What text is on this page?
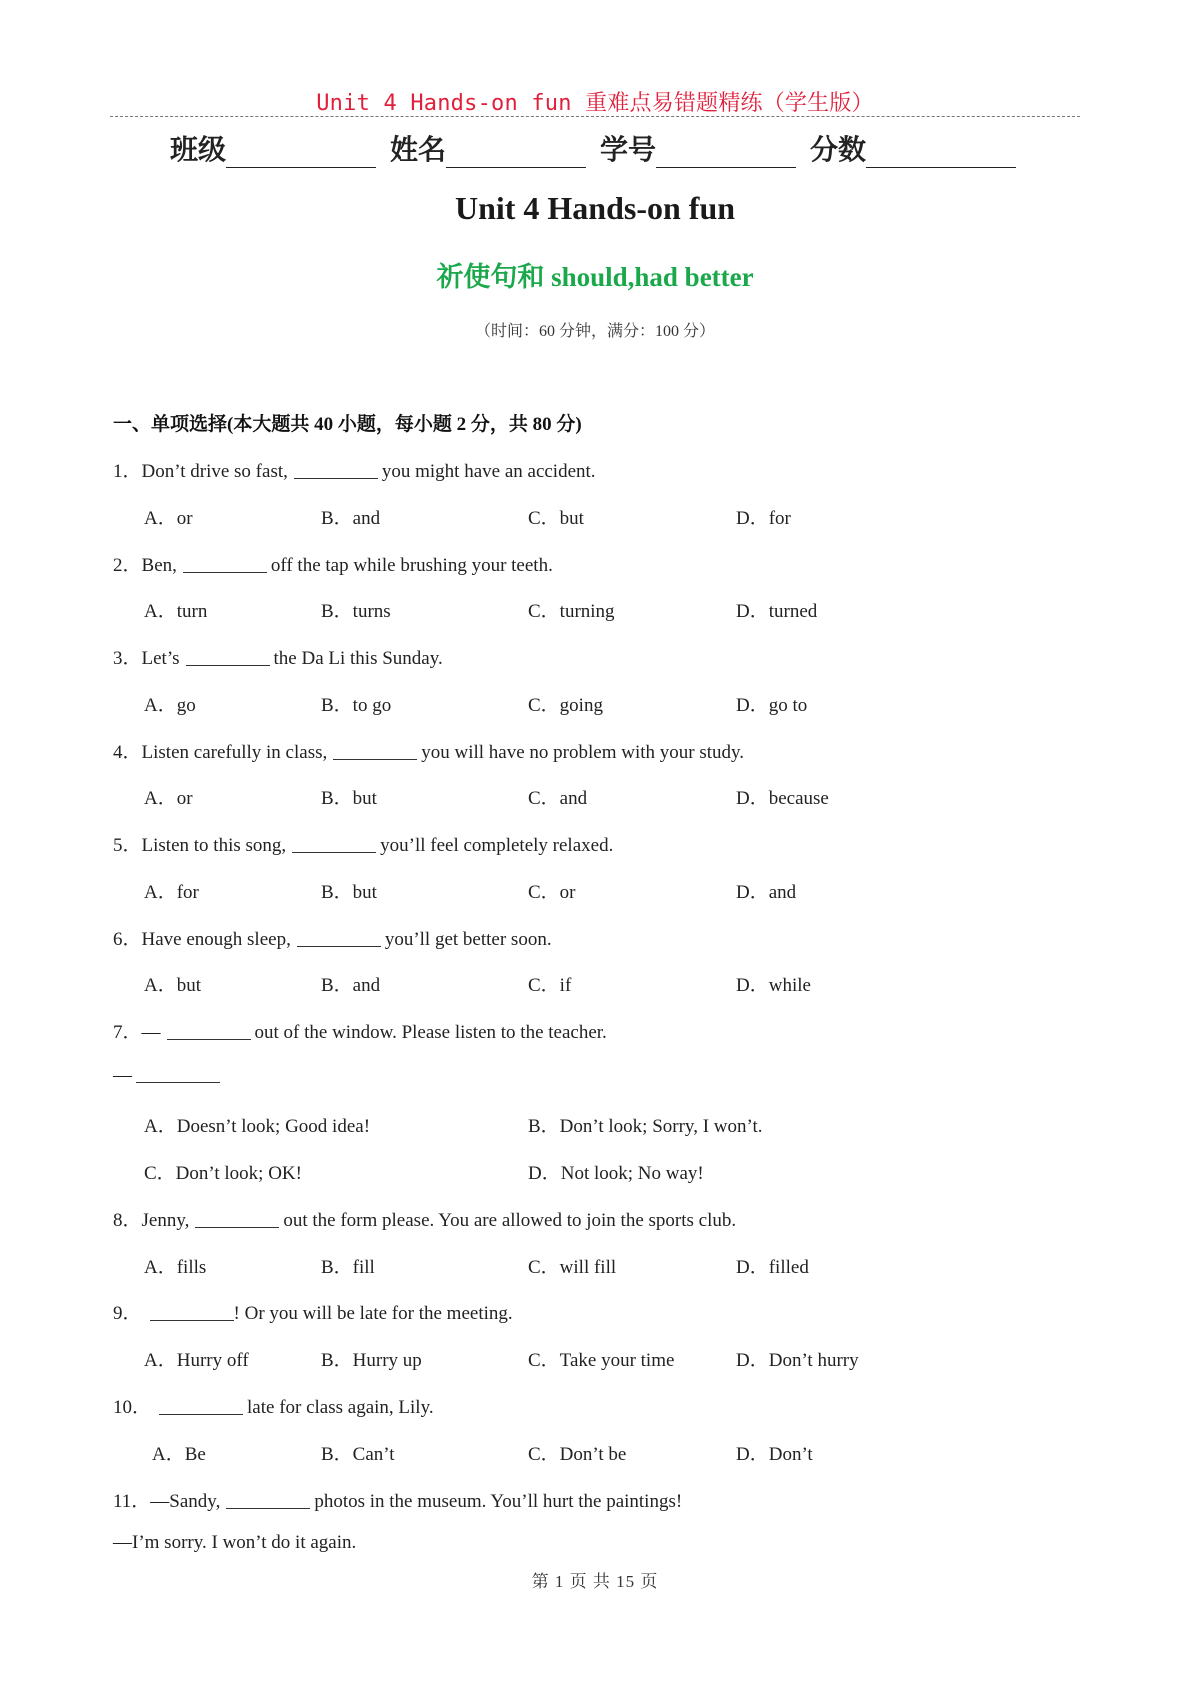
Unit 4 Hands-on fun 重难点易错题精练（学生版）
班级	姓名	学号	分数
Unit 4 Hands-on fun
祈使句和 should,had better
（时间：60 分钟，满分：100 分）
一、单项选择(本大题共 40 小题，每小题 2 分，共 80 分)
1．Don’t drive so fast,	you might have an accident.
A．or	B．and	C．but	D．for
2．Ben,	off the tap while brushing your teeth.
A．turn	B．turns	C．turning	D．turned
3．Let’s	the Da Li this Sunday.
A．go	B．to go	C．going	D．go to
4．Listen carefully in class,	you will have no problem with your study.
A．or	B．but	C．and	D．because
5．Listen to this song,	you’ll feel completely relaxed.
A．for	B．but	C．or	D．and
6．Have enough sleep,	you’ll get better soon.
A．but	B．and	C．if	D．while
7．—	out of the window. Please listen to the teacher.
—
A．Doesn’t look; Good idea!	B．Don’t look; Sorry, I won’t.
C．Don’t look; OK!	D．Not look; No way!
8．Jenny,	out the form please. You are allowed to join the sports club.
A．fills	B．fill	C．will fill	D．filled
9．	! Or you will be late for the meeting.
A．Hurry off	B．Hurry up	C．Take your time	D．Don’t hurry
10．	late for class again, Lily.
A．Be	B．Can’t	C．Don’t be	D．Don’t
11．—Sandy,	photos in the museum. You’ll hurt the paintings!
—I’m sorry. I won’t do it again.
第 1 页 共 15 页
